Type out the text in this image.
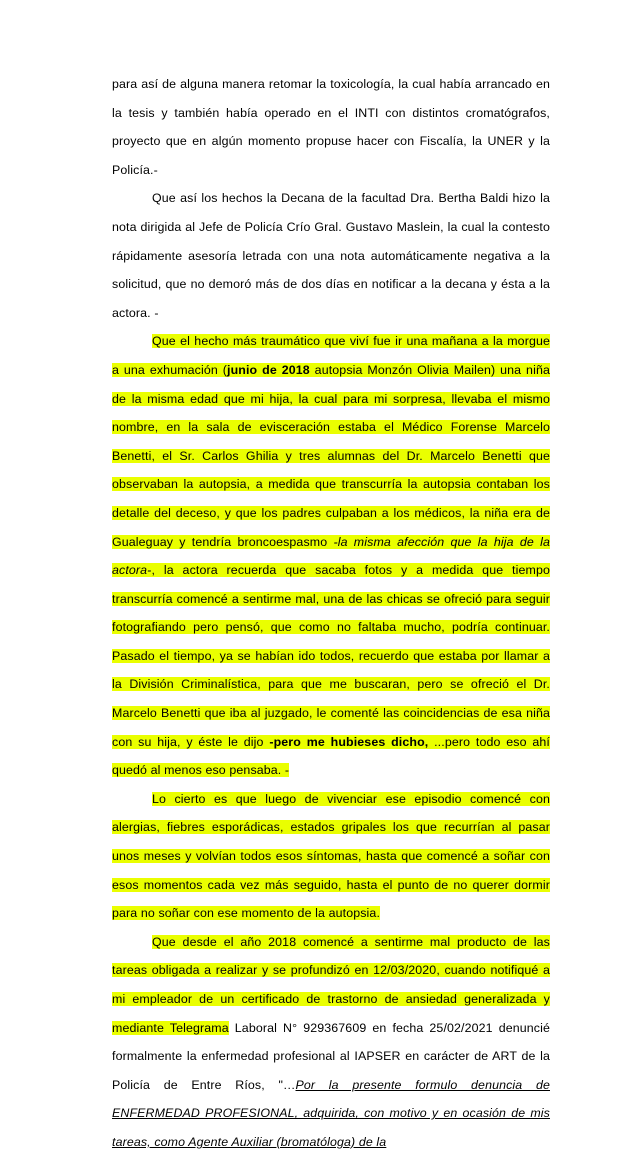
para así de alguna manera retomar la toxicología, la cual había arrancado en la tesis y también había operado en el INTI con distintos cromatógrafos, proyecto que en algún momento propuse hacer con Fiscalía, la UNER y la Policía.-

Que así los hechos la Decana de la facultad Dra. Bertha Baldi hizo la nota dirigida al Jefe de Policía Crío Gral. Gustavo Maslein, la cual la contesto rápidamente asesoría letrada con una nota automáticamente negativa a la solicitud, que no demoró más de dos días en notificar a la decana y ésta a la actora. -

Que el hecho más traumático que viví fue ir una mañana a la morgue a una exhumación (junio de 2018 autopsia Monzón Olivia Mailen) una niña de la misma edad que mi hija, la cual para mi sorpresa, llevaba el mismo nombre, en la sala de evisceración estaba el Médico Forense Marcelo Benetti, el Sr. Carlos Ghilia y tres alumnas del Dr. Marcelo Benetti que observaban la autopsia, a medida que transcurría la autopsia contaban los detalle del deceso, y que los padres culpaban a los médicos, la niña era de Gualeguay y tendría broncoespasmo -la misma afección que la hija de la actora-, la actora recuerda que sacaba fotos y a medida que tiempo transcurría comencé a sentirme mal, una de las chicas se ofreció para seguir fotografiando pero pensó, que como no faltaba mucho, podría continuar. Pasado el tiempo, ya se habían ido todos, recuerdo que estaba por llamar a la División Criminalística, para que me buscaran, pero se ofreció el Dr. Marcelo Benetti que iba al juzgado, le comenté las coincidencias de esa niña con su hija, y éste le dijo -pero me hubieses dicho, ...pero todo eso ahí quedó al menos eso pensaba. -

Lo cierto es que luego de vivenciar ese episodio comencé con alergias, fiebres esporádicas, estados gripales los que recurrían al pasar unos meses y volvían todos esos síntomas, hasta que comencé a soñar con esos momentos cada vez más seguido, hasta el punto de no querer dormir para no soñar con ese momento de la autopsia.

Que desde el año 2018 comencé a sentirme mal producto de las tareas obligada a realizar y se profundizó en 12/03/2020, cuando notifiqué a mi empleador de un certificado de trastorno de ansiedad generalizada y mediante Telegrama Laboral N° 929367609 en fecha 25/02/2021 denuncié formalmente la enfermedad profesional al IAPSER en carácter de ART de la Policía de Entre Ríos, "…Por la presente formulo denuncia de ENFERMEDAD PROFESIONAL, adquirida, con motivo y en ocasión de mis tareas, como Agente Auxiliar (bromatóloga) de la
